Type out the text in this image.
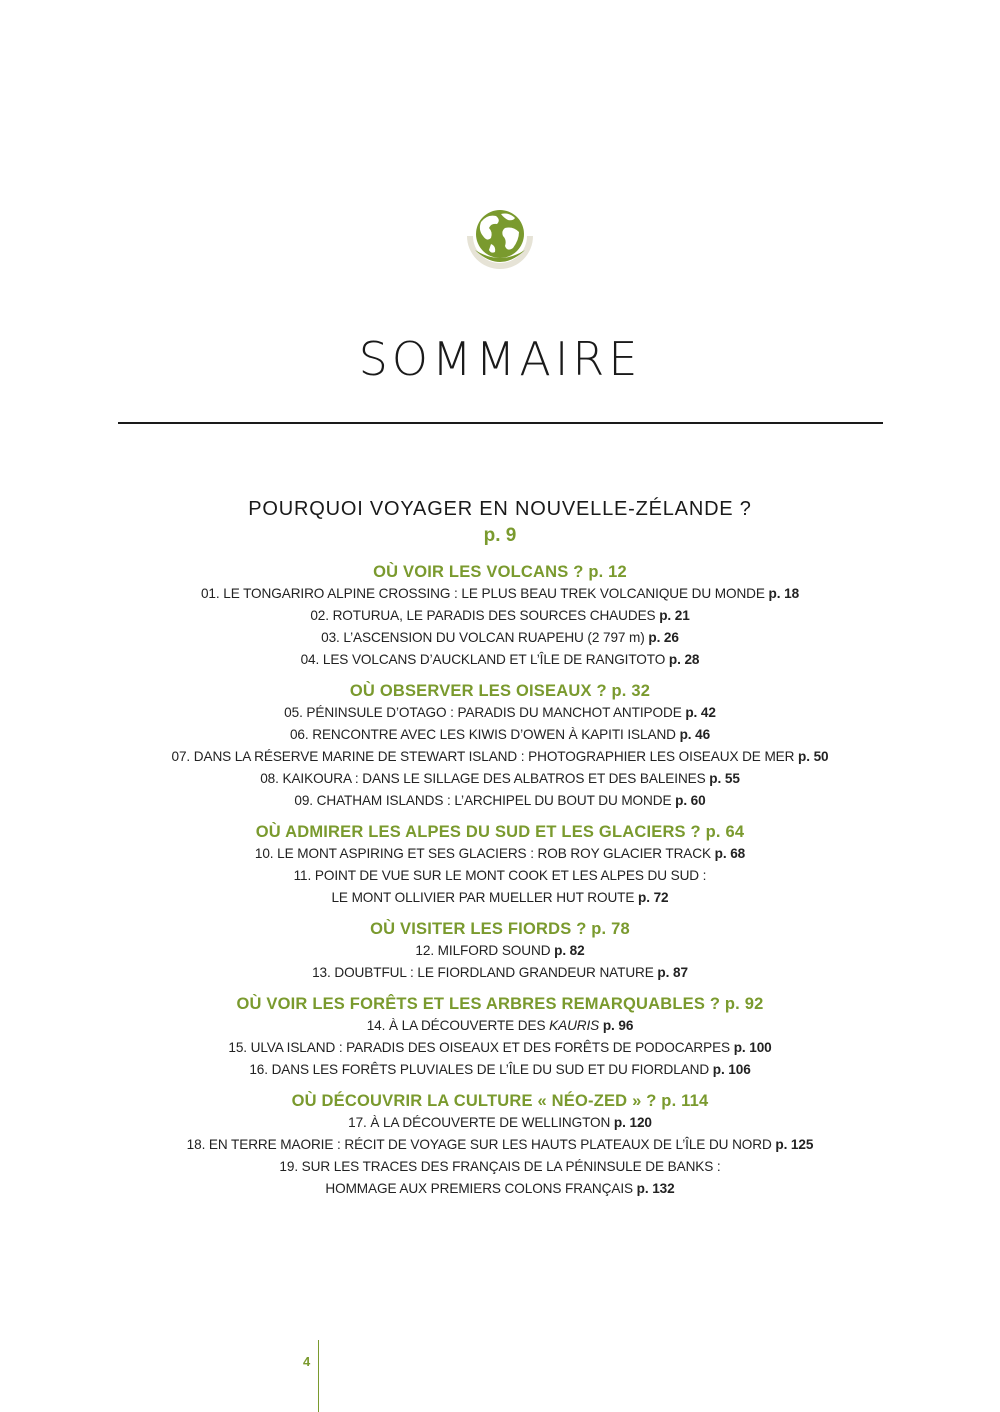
SOMMAIRE
POURQUOI VOYAGER EN NOUVELLE-ZÉLANDE ?
p. 9
OÙ VOIR LES VOLCANS ? p. 12
01. LE TONGARIRO ALPINE CROSSING : LE PLUS BEAU TREK VOLCANIQUE DU MONDE p. 18
02. ROTURUA, LE PARADIS DES SOURCES CHAUDES p. 21
03. L’ASCENSION DU VOLCAN RUAPEHU (2 797 m) p. 26
04. LES VOLCANS D’AUCKLAND ET L’ÎLE DE RANGITOTO p. 28
OÙ OBSERVER LES OISEAUX ? p. 32
05. PÉNINSULE D’OTAGO : PARADIS DU MANCHOT ANTIPODE p. 42
06. RENCONTRE AVEC LES KIWIS D’OWEN À KAPITI ISLAND p. 46
07. DANS LA RÉSERVE MARINE DE STEWART ISLAND : PHOTOGRAPHIER LES OISEAUX DE MER p. 50
08. KAIKOURA : DANS LE SILLAGE DES ALBATROS ET DES BALEINES p. 55
09. CHATHAM ISLANDS : L’ARCHIPEL DU BOUT DU MONDE p. 60
OÙ ADMIRER LES ALPES DU SUD ET LES GLACIERS ? p. 64
10. LE MONT ASPIRING ET SES GLACIERS : ROB ROY GLACIER TRACK p. 68
11. POINT DE VUE SUR LE MONT COOK ET LES ALPES DU SUD :
LE MONT OLLIVIER PAR MUELLER HUT ROUTE p. 72
OÙ VISITER LES FIORDS ? p. 78
12. MILFORD SOUND p. 82
13. DOUBTFUL : LE FIORDLAND GRANDEUR NATURE p. 87
OÙ VOIR LES FORÊTS ET LES ARBRES REMARQUABLES ? p. 92
14. À LA DÉCOUVERTE DES KAURIS p. 96
15. ULVA ISLAND : PARADIS DES OISEAUX ET DES FORÊTS DE PODOCARPES p. 100
16. DANS LES FORÊTS PLUVIALES DE L’ÎLE DU SUD ET DU FIORDLAND p. 106
OÙ DÉCOUVRIR LA CULTURE « NÉO-ZED » ? p. 114
17. À LA DÉCOUVERTE DE WELLINGTON p. 120
18. EN TERRE MAORIE : RÉCIT DE VOYAGE SUR LES HAUTS PLATEAUX DE L’ÎLE DU NORD p. 125
19. SUR LES TRACES DES FRANÇAIS DE LA PÉNINSULE DE BANKS :
HOMMAGE AUX PREMIERS COLONS FRANÇAIS p. 132
4
